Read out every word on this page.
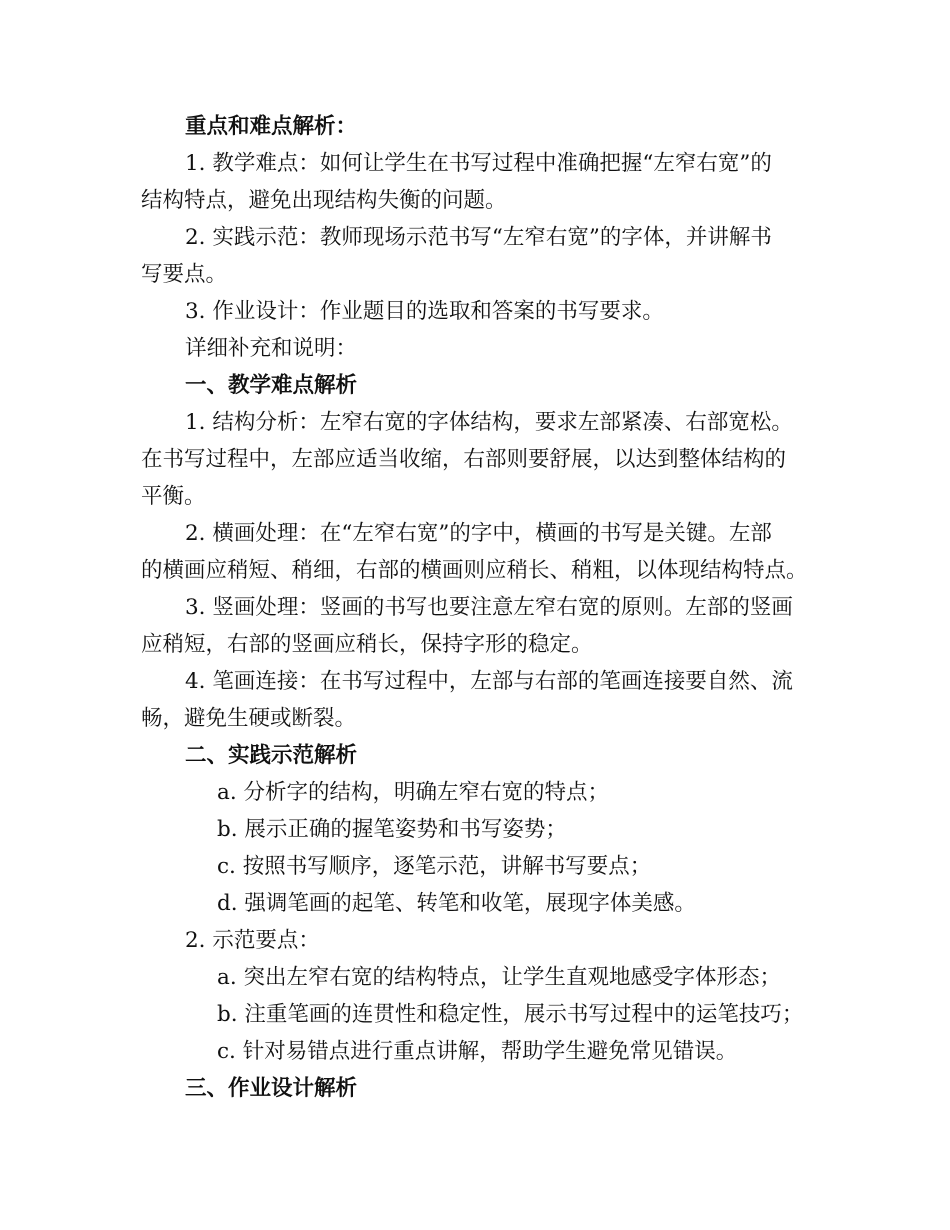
重点和难点解析：
1. 教学难点：如何让学生在书写过程中准确把握“左窄右宽”的
结构特点，避免出现结构失衡的问题。
2. 实践示范：教师现场示范书写“左窄右宽”的字体，并讲解书
写要点。
3. 作业设计：作业题目的选取和答案的书写要求。
详细补充和说明：
一、教学难点解析
1. 结构分析：左窄右宽的字体结构，要求左部紧凑、右部宽松。
在书写过程中，左部应适当收缩，右部则要舒展，以达到整体结构的
平衡。
2. 横画处理：在“左窄右宽”的字中，横画的书写是关键。左部
的横画应稍短、稍细，右部的横画则应稍长、稍粗，以体现结构特点。
3. 竖画处理：竖画的书写也要注意左窄右宽的原则。左部的竖画
应稍短，右部的竖画应稍长，保持字形的稳定。
4. 笔画连接：在书写过程中，左部与右部的笔画连接要自然、流
畅，避免生硬或断裂。
二、实践示范解析
a. 分析字的结构，明确左窄右宽的特点；
b. 展示正确的握笔姿势和书写姿势；
c. 按照书写顺序，逐笔示范，讲解书写要点；
d. 强调笔画的起笔、转笔和收笔，展现字体美感。
2. 示范要点：
a. 突出左窄右宽的结构特点，让学生直观地感受字体形态；
b. 注重笔画的连贯性和稳定性，展示书写过程中的运笔技巧；
c. 针对易错点进行重点讲解，帮助学生避免常见错误。
三、作业设计解析
